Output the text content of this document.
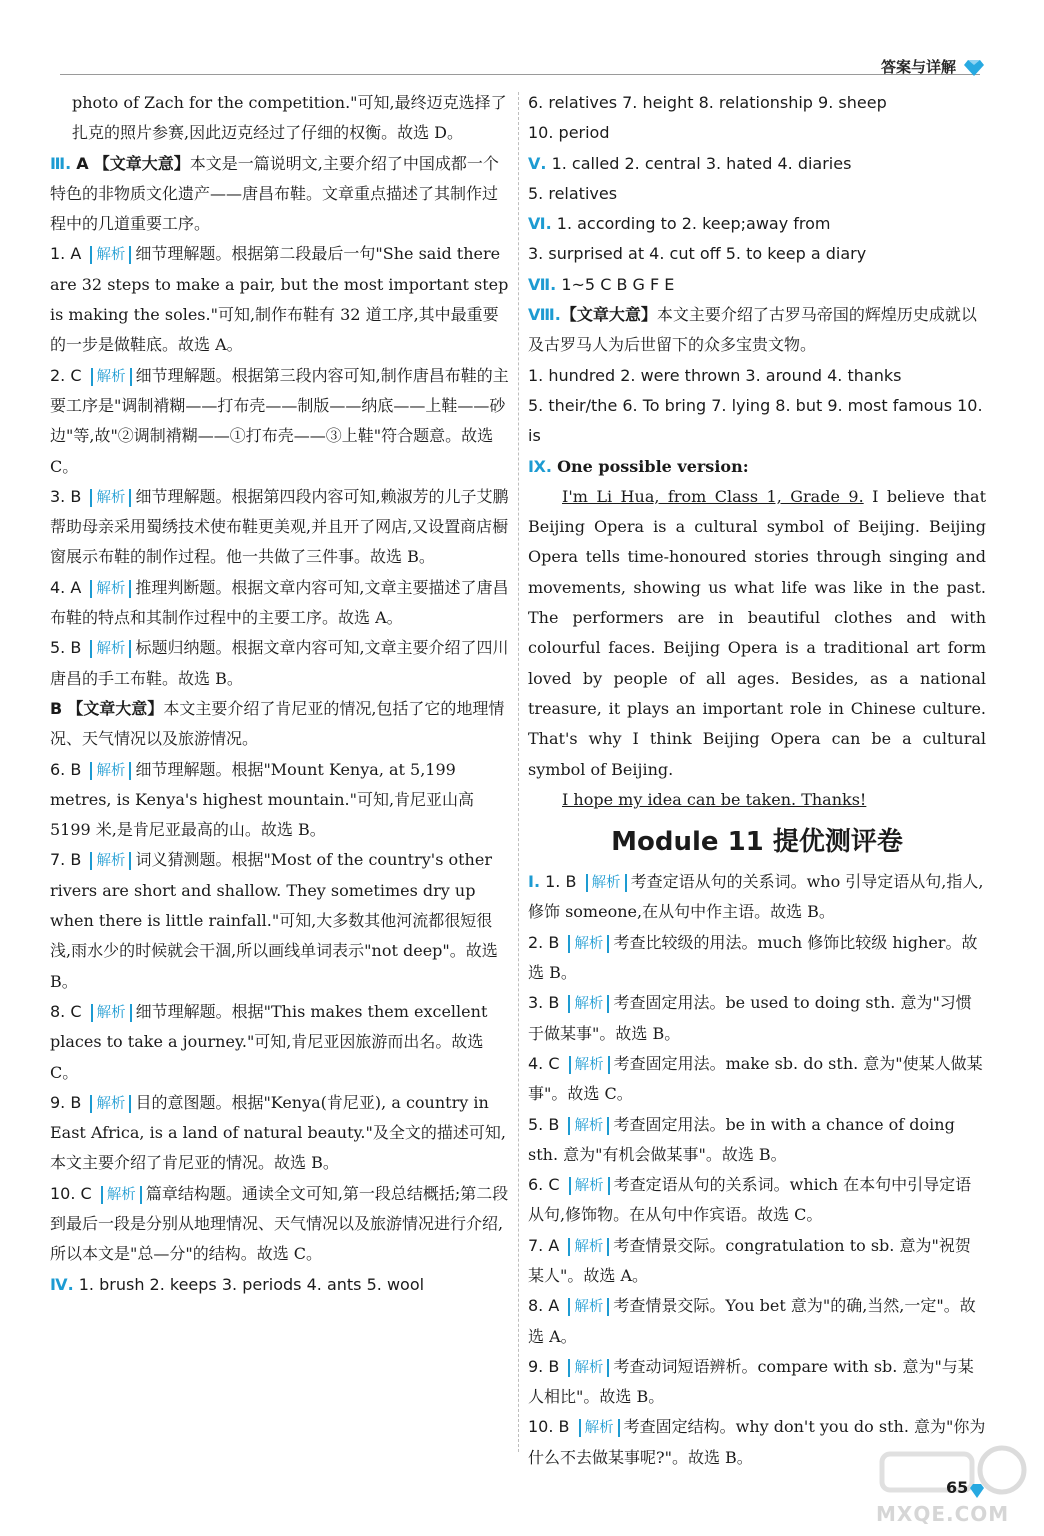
答案与详解

photo of Zach for the competition."可知,最终迈克选择了扎克的照片参赛,因此迈克经过了仔细的权衡。故选 D。

Ⅲ. A 【文章大意】本文是一篇说明文,主要介绍了中国成都一个特色的非物质文化遗产——唐昌布鞋。文章重点描述了其制作过程中的几道重要工序。

1. A 解析 细节理解题。根据第二段最后一句"She said there are 32 steps to make a pair, but the most important step is making the soles."可知,制作布鞋有 32 道工序,其中最重要的一步是做鞋底。故选 A。

2. C 解析 细节理解题。根据第三段内容可知,制作唐昌布鞋的主要工序是"调制褙糊——打布壳——制版——纳底——上鞋——砂边"等,故"②调制褙糊——①打布壳——③上鞋"符合题意。故选 C。

3. B 解析 细节理解题。根据第四段内容可知,赖淑芳的儿子艾鹏帮助母亲采用蜀绣技术使布鞋更美观,并且开了网店,又设置商店橱窗展示布鞋的制作过程。他一共做了三件事。故选 B。

4. A 解析 推理判断题。根据文章内容可知,文章主要描述了唐昌布鞋的特点和其制作过程中的主要工序。故选 A。

5. B 解析 标题归纳题。根据文章内容可知,文章主要介绍了四川唐昌的手工布鞋。故选 B。

B 【文章大意】本文主要介绍了肯尼亚的情况,包括了它的地理情况、天气情况以及旅游情况。

6. B 解析 细节理解题。根据"Mount Kenya, at 5,199 metres, is Kenya's highest mountain."可知,肯尼亚山高 5199 米,是肯尼亚最高的山。故选 B。

7. B 解析 词义猜测题。根据"Most of the country's other rivers are short and shallow. They sometimes dry up when there is little rainfall."可知,大多数其他河流都很短很浅,雨水少的时候就会干涸,所以画线单词表示"not deep"。故选 B。

8. C 解析 细节理解题。根据"This makes them excellent places to take a journey."可知,肯尼亚因旅游而出名。故选 C。

9. B 解析 目的意图题。根据"Kenya(肯尼亚), a country in East Africa, is a land of natural beauty."及全文的描述可知,本文主要介绍了肯尼亚的情况。故选 B。

10. C 解析 篇章结构题。通读全文可知,第一段总结概括;第二段到最后一段是分别从地理情况、天气情况以及旅游情况进行介绍,所以本文是"总—分"的结构。故选 C。

Ⅳ. 1. brush 2. keeps 3. periods 4. ants 5. wool

6. relatives 7. height 8. relationship 9. sheep

10. period

Ⅴ. 1. called 2. central 3. hated 4. diaries

5. relatives

Ⅵ. 1. according to 2. keep;away from

3. surprised at 4. cut off 5. to keep a diary

Ⅶ. 1~5 C B G F E

Ⅷ.【文章大意】本文主要介绍了古罗马帝国的辉煌历史成就以及古罗马人为后世留下的众多宝贵文物。

1. hundred 2. were thrown 3. around 4. thanks

5. their/the 6. To bring 7. lying 8. but 9. most famous 10. is

Ⅸ. One possible version:

I'm Li Hua, from Class 1, Grade 9. I believe that Beijing Opera is a cultural symbol of Beijing. Beijing Opera tells time-honoured stories through singing and movements, showing us what life was like in the past. The performers are in beautiful clothes and with colourful faces. Beijing Opera is a traditional art form loved by people of all ages. Besides, as a national treasure, it plays an important role in Chinese culture. That's why I think Beijing Opera can be a cultural symbol of Beijing.

I hope my idea can be taken. Thanks!

Module 11 提优测评卷

Ⅰ. 1. B 解析 考查定语从句的关系词。who 引导定语从句,指人,修饰 someone,在从句中作主语。故选 B。

2. B 解析 考查比较级的用法。much 修饰比较级 higher。故选 B。

3. B 解析 考查固定用法。be used to doing sth. 意为"习惯于做某事"。故选 B。

4. C 解析 考查固定用法。make sb. do sth. 意为"使某人做某事"。故选 C。

5. B 解析 考查固定用法。be in with a chance of doing sth. 意为"有机会做某事"。故选 B。

6. C 解析 考查定语从句的关系词。which 在本句中引导定语从句,修饰物。在从句中作宾语。故选 C。

7. A 解析 考查情景交际。congratulation to sb. 意为"祝贺某人"。故选 A。

8. A 解析 考查情景交际。You bet 意为"的确,当然,一定"。故选 A。

9. B 解析 考查动词短语辨析。compare with sb. 意为"与某人相比"。故选 B。

10. B 解析 考查固定结构。why don't you do sth. 意为"你为什么不去做某事呢?"。故选 B。

MXQE.COM
65
